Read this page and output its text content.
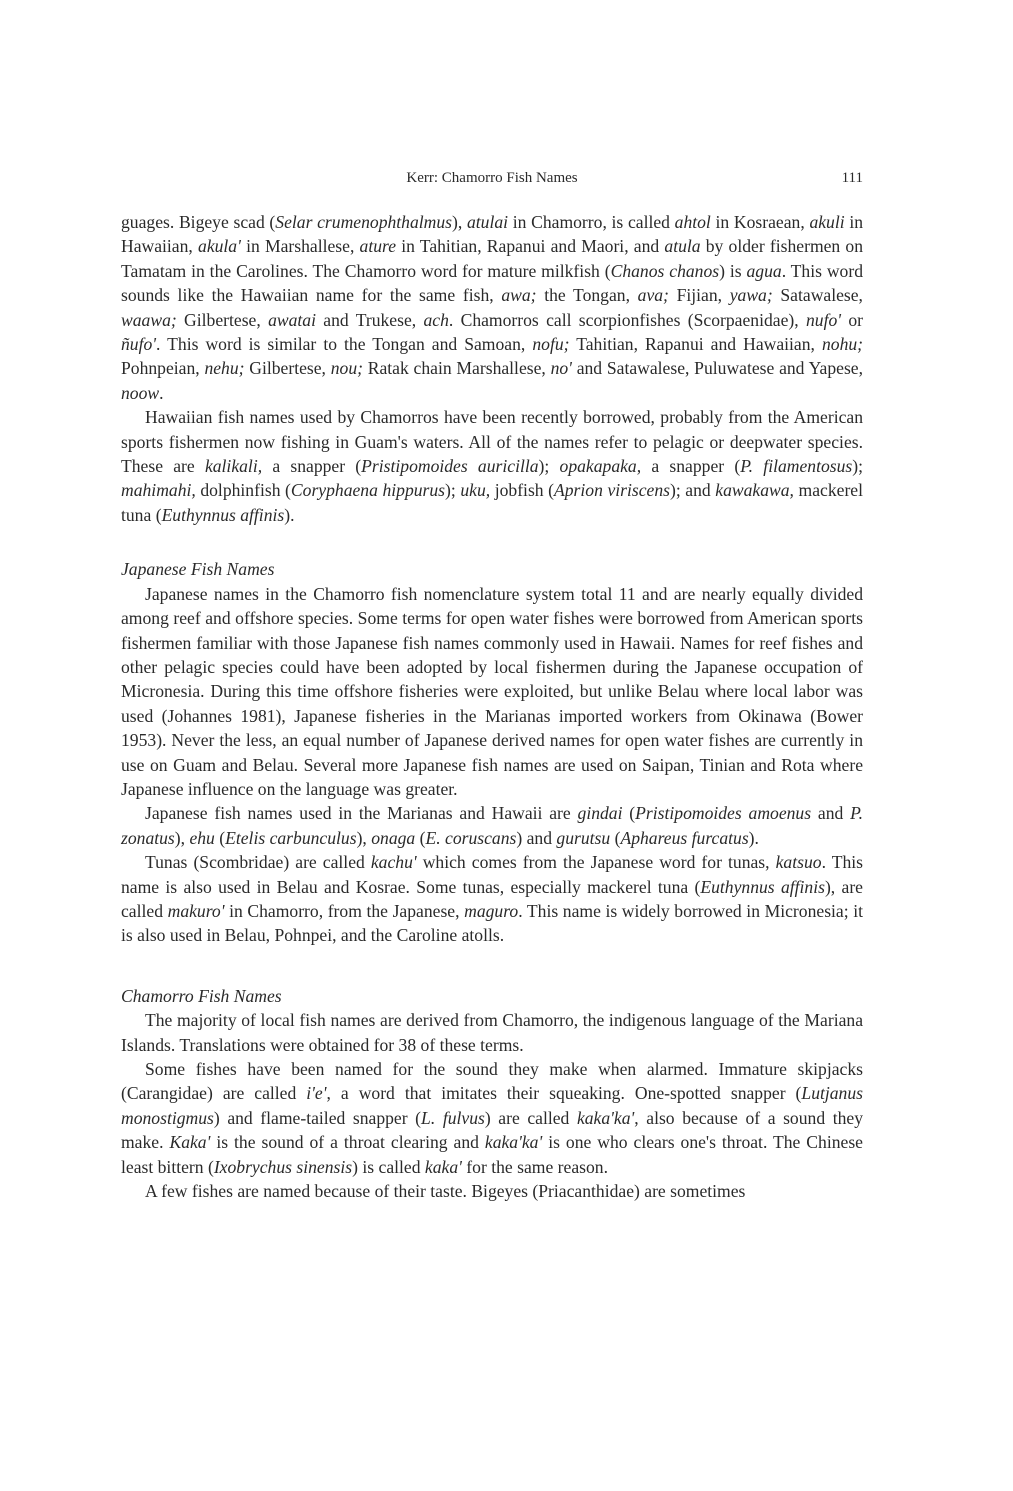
Kerr: Chamorro Fish Names	111

guages. Bigeye scad (Selar crumenophthalmus), atulai in Chamorro, is called ahtol in Kosraean, akuli in Hawaiian, akula' in Marshallese, ature in Tahitian, Rapanui and Maori, and atula by older fishermen on Tamatam in the Carolines. The Chamorro word for mature milkfish (Chanos chanos) is agua. This word sounds like the Hawaiian name for the same fish, awa; the Tongan, ava; Fijian, yawa; Satawalese, waawa; Gilbertese, awatai and Trukese, ach. Chamorros call scorpionfishes (Scorpaenidae), nufo' or ñufo'. This word is similar to the Tongan and Samoan, nofu; Tahitian, Rapanui and Hawaiian, nohu; Pohnpeian, nehu; Gilbertese, nou; Ratak chain Marshallese, no' and Satawalese, Puluwatese and Yapese, noow.

Hawaiian fish names used by Chamorros have been recently borrowed, probably from the American sports fishermen now fishing in Guam's waters. All of the names refer to pelagic or deepwater species. These are kalikali, a snapper (Pristipomoides auricilla); opakapaka, a snapper (P. filamentosus); mahimahi, dolphinfish (Coryphaena hippurus); uku, jobfish (Aprion viriscens); and kawakawa, mackerel tuna (Euthynnus affinis).

Japanese Fish Names

Japanese names in the Chamorro fish nomenclature system total 11 and are nearly equally divided among reef and offshore species. Some terms for open water fishes were borrowed from American sports fishermen familiar with those Japanese fish names commonly used in Hawaii. Names for reef fishes and other pelagic species could have been adopted by local fishermen during the Japanese occupation of Micronesia. During this time offshore fisheries were exploited, but unlike Belau where local labor was used (Johannes 1981), Japanese fisheries in the Marianas imported workers from Okinawa (Bower 1953). Never the less, an equal number of Japanese derived names for open water fishes are currently in use on Guam and Belau. Several more Japanese fish names are used on Saipan, Tinian and Rota where Japanese influence on the language was greater.

Japanese fish names used in the Marianas and Hawaii are gindai (Pristipomoides amoenus and P. zonatus), ehu (Etelis carbunculus), onaga (E. coruscans) and gurutsu (Aphareus furcatus).

Tunas (Scombridae) are called kachu' which comes from the Japanese word for tunas, katsuo. This name is also used in Belau and Kosrae. Some tunas, especially mackerel tuna (Euthynnus affinis), are called makuro' in Chamorro, from the Japanese, maguro. This name is widely borrowed in Micronesia; it is also used in Belau, Pohnpei, and the Caroline atolls.

Chamorro Fish Names

The majority of local fish names are derived from Chamorro, the indigenous language of the Mariana Islands. Translations were obtained for 38 of these terms.

Some fishes have been named for the sound they make when alarmed. Immature skipjacks (Carangidae) are called i'e', a word that imitates their squeaking. One-spotted snapper (Lutjanus monostigmus) and flame-tailed snapper (L. fulvus) are called kaka'ka', also because of a sound they make. Kaka' is the sound of a throat clearing and kaka'ka' is one who clears one's throat. The Chinese least bittern (Ixobrychus sinensis) is called kaka' for the same reason.

A few fishes are named because of their taste. Bigeyes (Priacanthidae) are sometimes
